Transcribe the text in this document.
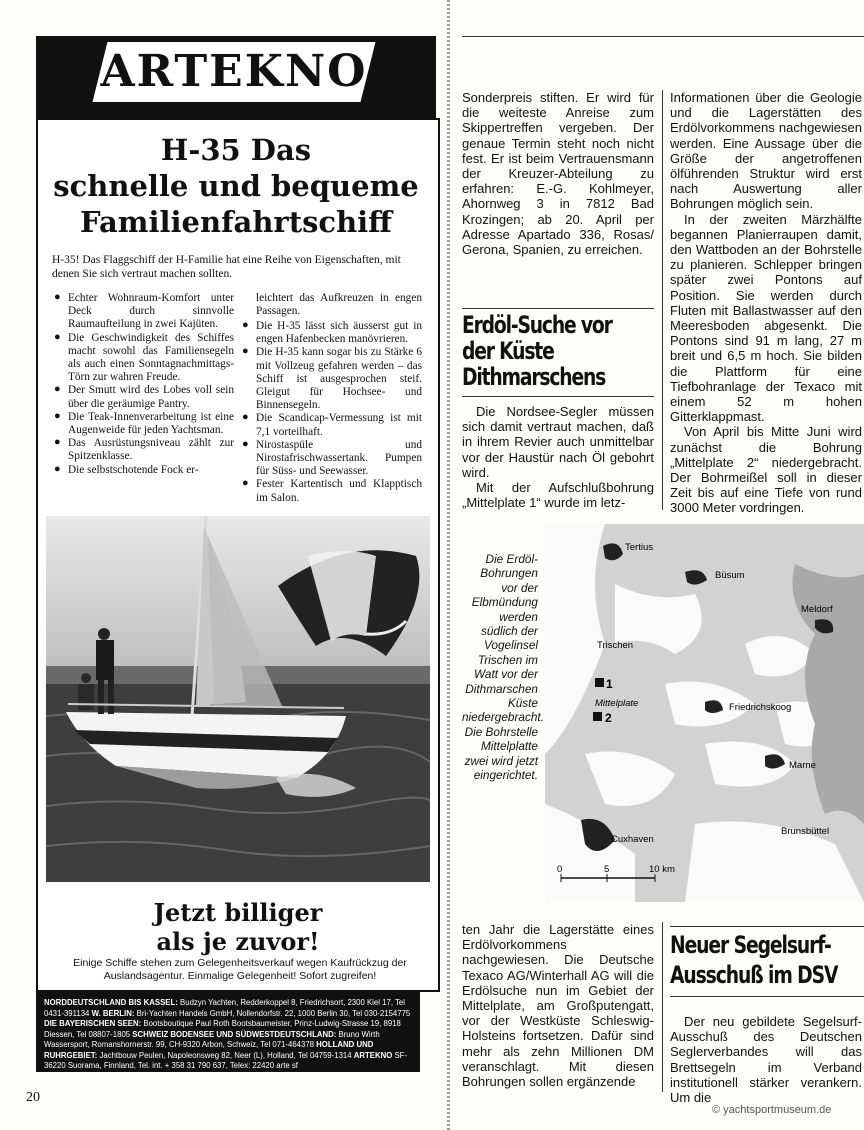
ARTEKNO
H-35 Das
schnelle und bequeme
Familienfahrtschiff
H-35! Das Flaggschiff der H-Familie hat eine Reihe von Eigenschaften, mit denen Sie sich vertraut machen sollten.
● Echter Wohnraum-Komfort unter Deck durch sinnvolle Raumaufteilung in zwei Kajüten.
● Die Geschwindigkeit des Schiffes macht sowohl das Familiensegeln als auch einen Sonntagnachmittags-Törn zur wahren Freude.
● Der Smutt wird des Lobes voll sein über die geräumige Pantry.
● Die Teak-Innenverarbeitung ist eine Augenweide für jeden Yachtsman.
● Das Ausrüstungsniveau zählt zur Spitzenklasse.
● Die selbstschotende Fock er-
leichtert das Aufkreuzen in engen Passagen.
● Die H-35 lässt sich äusserst gut in engen Hafenbecken manövrieren.
● Die H-35 kann sogar bis zu Stärke 6 mit Vollzeug gefahren werden – das Schiff ist ausgesprochen steif. Gleigut für Hochsee- und Binnensegeln.
● Die Scandicap-Vermessung ist mit 7,1 vorteilhaft.
● Nirostaspüle und Nirostafrischwassertank. Pumpen für Süss- und Seewasser.
● Fester Kartentisch und Klapptisch im Salon.
Jetzt billiger
als je zuvor!
Einige Schiffe stehen zum Gelegenheitsverkauf wegen Kaufrückzug der Auslandsagentur. Einmalige Gelegenheit! Sofort zugreifen!
NORDDEUTSCHLAND BIS KASSEL: Budzyn Yachten, Redderkoppel 8, Friedrichsort, 2300 Kiel 17, Tel 0431-391134 W. BERLIN: Bri-Yachten Handels GmbH, Nollendorfstr. 22, 1000 Berlin 30, Tel 030-2154775 DIE BAYERISCHEN SEEN: Bootsboutique Paul Roth Bootsbaumeister, Prinz-Ludwig-Strasse 19, 8918 Diessen, Tel 08807-1805 SCHWEIZ BODENSEE UND SÜDWESTDEUTSCHLAND: Bruno Wirth Wassersport, Romanshornerstr. 99, CH-9320 Arbon, Schweiz, Tel 071-464378 HOLLAND UND RUHRGEBIET: Jachtbouw Peulen, Napoleonsweg 82, Neer (L), Holland, Tel 04759-1314 ARTEKNO SF-36220 Suorama, Finnland, Tel. int. + 358 31 790 637, Telex: 22420 arte sf
20
Sonderpreis stiften. Er wird für die weiteste Anreise zum Skippertreffen vergeben. Der genaue Termin steht noch nicht fest. Er ist beim Vertrauensmann der Kreuzer-Abteilung zu erfahren: E.-G. Kohlmeyer, Ahornweg 3 in 7812 Bad Krozingen; ab 20. April per Adresse Apartado 336, Rosas/ Gerona, Spanien, zu erreichen.
Informationen über die Geologie und die Lagerstätten des Erdölvorkommens nachgewiesen werden. Eine Aussage über die Größe der angetroffenen ölführenden Struktur wird erst nach Auswertung aller Bohrungen möglich sein.
In der zweiten Märzhälfte begannen Planierraupen damit, den Wattboden an der Bohrstelle zu planieren. Schlepper bringen später zwei Pontons auf Position. Sie werden durch Fluten mit Ballastwasser auf den Meeresboden abgesenkt. Die Pontons sind 91 m lang, 27 m breit und 6,5 m hoch. Sie bilden die Plattform für eine Tiefbohranlage der Texaco mit einem 52 m hohen Gitterklappmast.
Von April bis Mitte Juni wird zunächst die Bohrung „Mittelplate 2“ niedergebracht. Der Bohrmeißel soll in dieser Zeit bis auf eine Tiefe von rund 3000 Meter vordringen.
Erdöl-Suche vor
der Küste
Dithmarschens
Die Nordsee-Segler müssen sich damit vertraut machen, daß in ihrem Revier auch unmittelbar vor der Haustür nach Öl gebohrt wird.
Mit der Aufschlußbohrung „Mittelplate 1“ wurde im letz-
Die Erdöl-Bohrungen vor der Elbmündung werden südlich der Vogelinsel Trischen im Watt vor der Dithmarschen Küste niedergebracht. Die Bohrstelle Mittelplatte zwei wird jetzt eingerichtet.
Tertius
Büsum
Meldorf
Trischen
Mittelplate	Friedrichskoog
Marne
Brunsbüttel
Cuxhaven
1
2
0	5	10 km
ten Jahr die Lagerstätte eines Erdölvorkommens nachgewiesen. Die Deutsche Texaco AG/Winterhall AG will die Erdölsuche nun im Gebiet der Mittelplate, am Großputengatt, vor der Westküste Schleswig-Holsteins fortsetzen. Dafür sind mehr als zehn Millionen DM veranschlagt. Mit diesen Bohrungen sollen ergänzende
Neuer Segelsurf-
Ausschuß im DSV
Der neu gebildete Segelsurf-Ausschuß des Deutschen Seglerverbandes will das Brettsegeln im Verband institutionell stärker verankern. Um die
© yachtsportmuseum.de
